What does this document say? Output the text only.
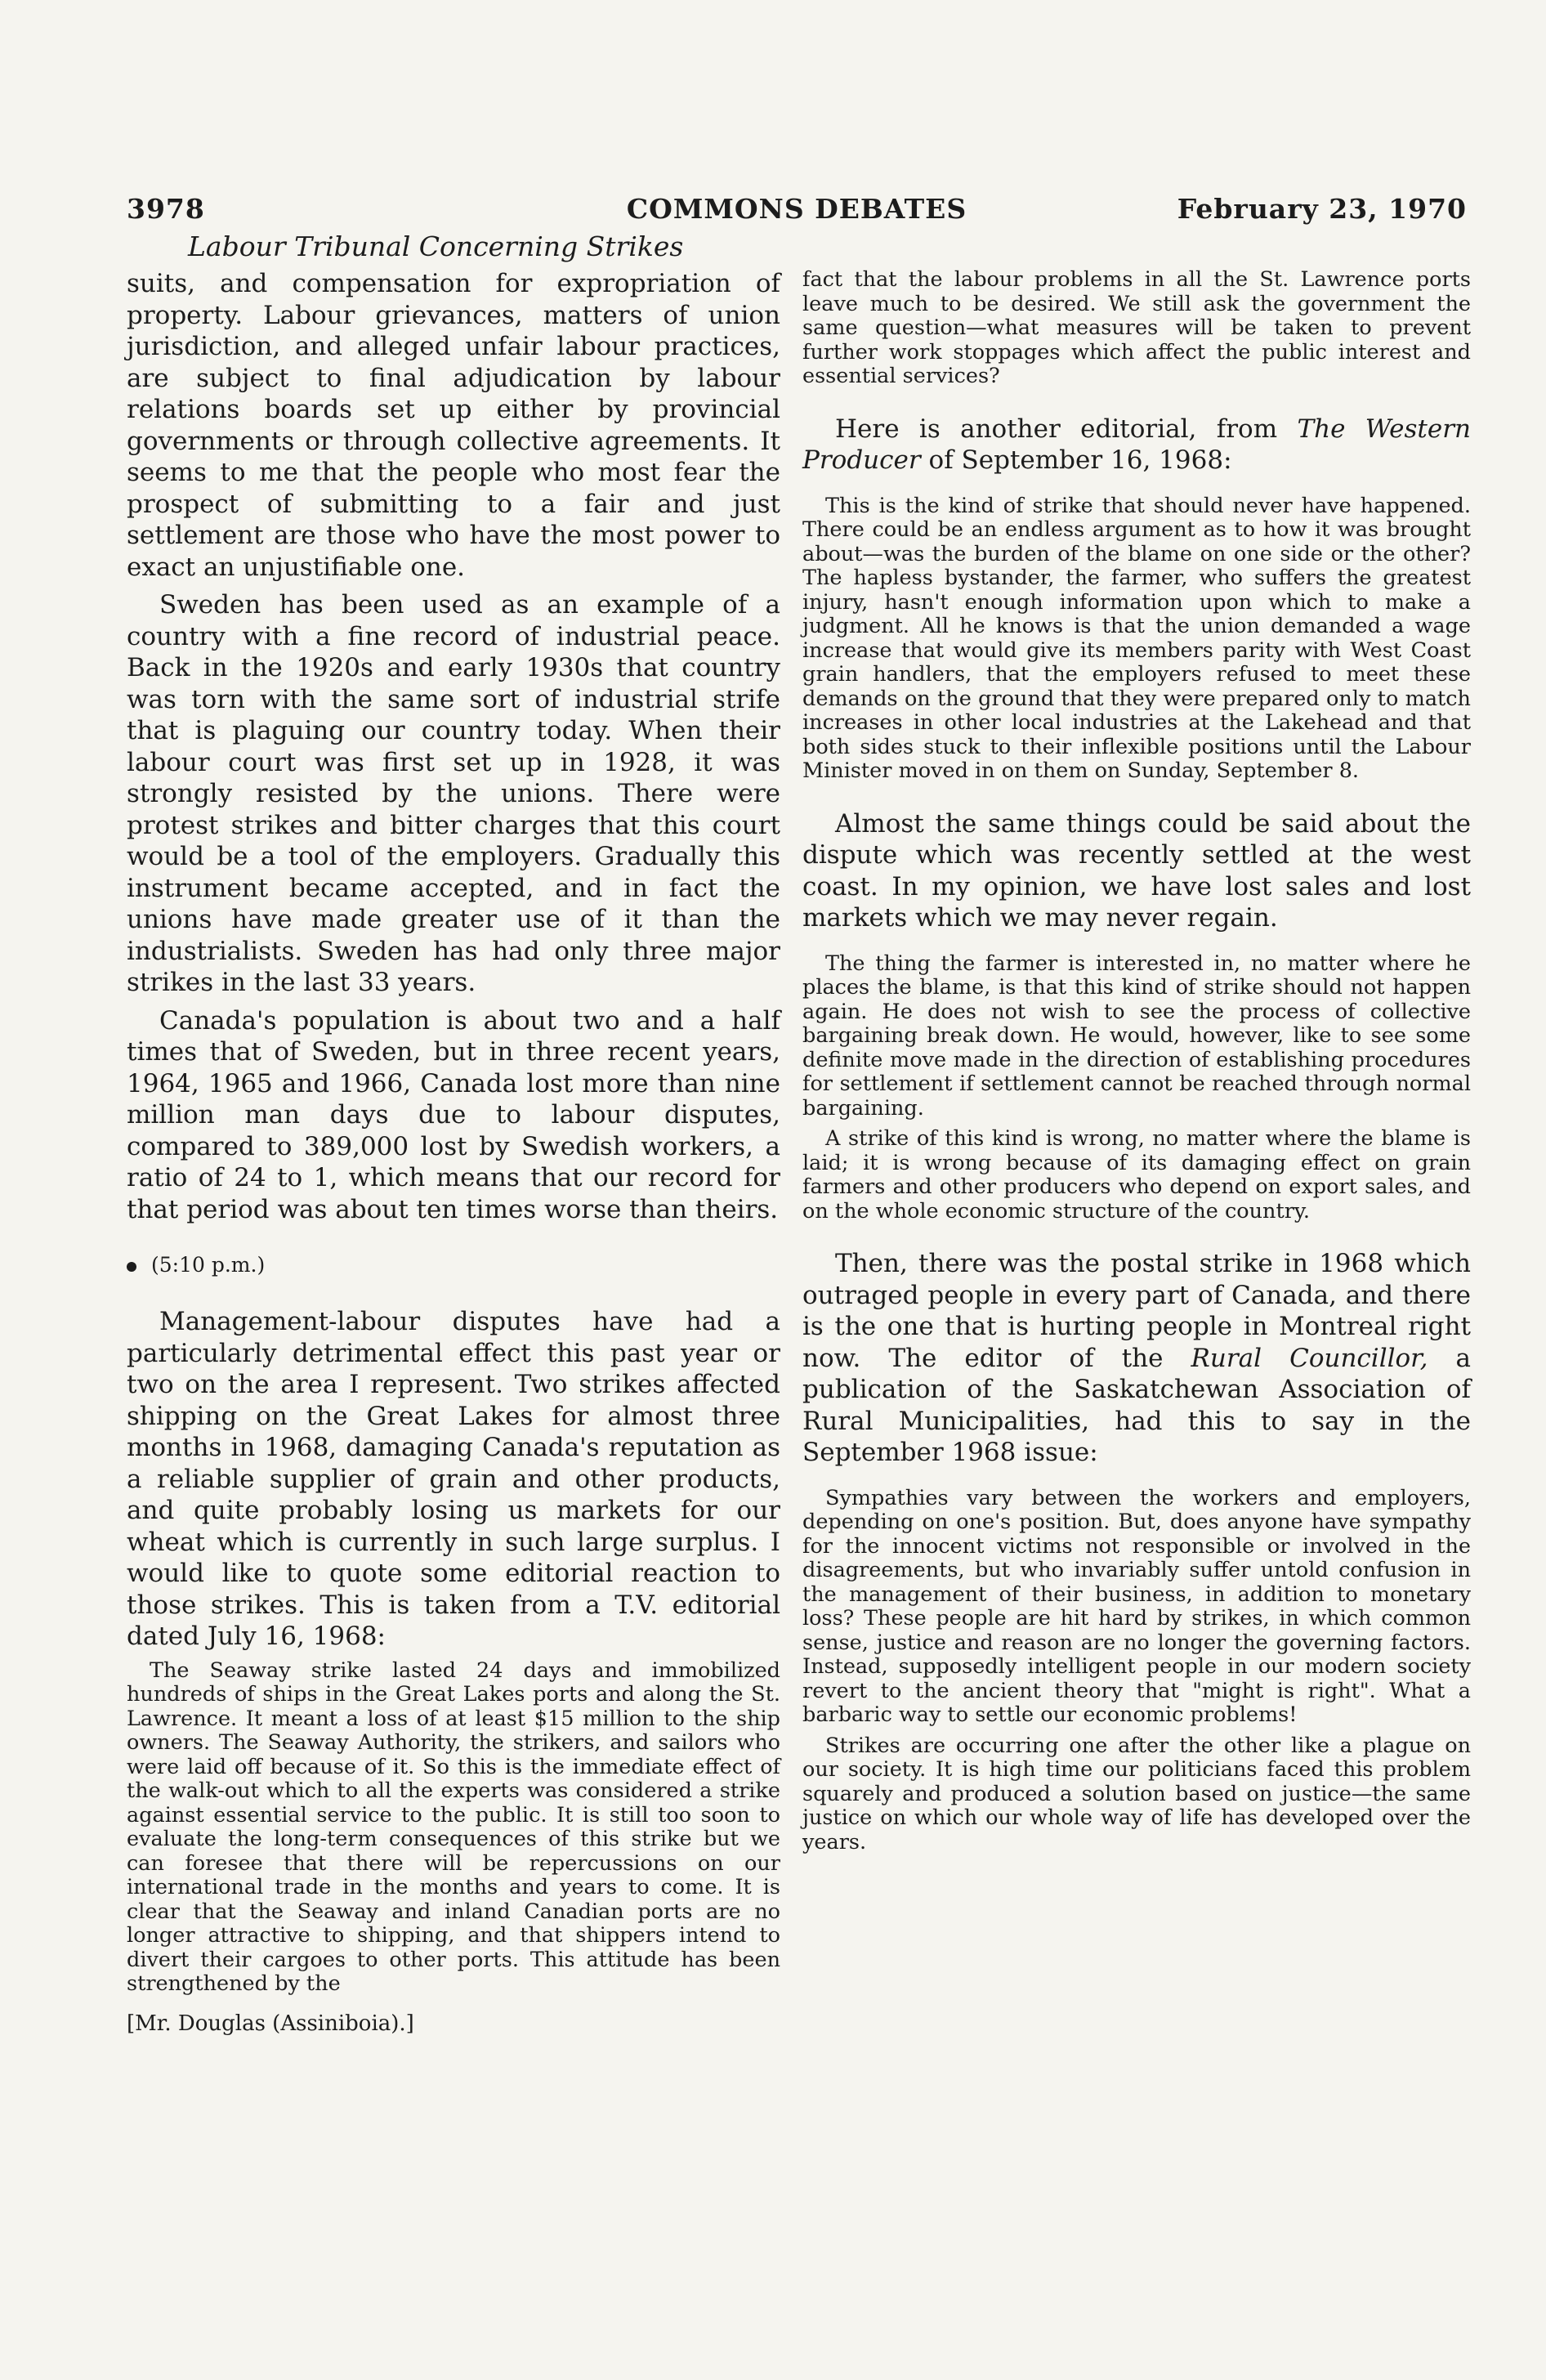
3978	COMMONS DEBATES	February 23, 1970
Labour Tribunal Concerning Strikes

suits, and compensation for expropriation of property. Labour grievances, matters of union jurisdiction, and alleged unfair labour practices, are subject to final adjudication by labour relations boards set up either by provincial governments or through collective agreements. It seems to me that the people who most fear the prospect of submitting to a fair and just settlement are those who have the most power to exact an unjustifiable one.

Sweden has been used as an example of a country with a fine record of industrial peace. Back in the 1920s and early 1930s that country was torn with the same sort of industrial strife that is plaguing our country today. When their labour court was first set up in 1928, it was strongly resisted by the unions. There were protest strikes and bitter charges that this court would be a tool of the employers. Gradually this instrument became accepted, and in fact the unions have made greater use of it than the industrialists. Sweden has had only three major strikes in the last 33 years.

Canada's population is about two and a half times that of Sweden, but in three recent years, 1964, 1965 and 1966, Canada lost more than nine million man days due to labour disputes, compared to 389,000 lost by Swedish workers, a ratio of 24 to 1, which means that our record for that period was about ten times worse than theirs.

(5:10 p.m.)

Management-labour disputes have had a particularly detrimental effect this past year or two on the area I represent. Two strikes affected shipping on the Great Lakes for almost three months in 1968, damaging Canada's reputation as a reliable supplier of grain and other products, and quite probably losing us markets for our wheat which is currently in such large surplus. I would like to quote some editorial reaction to those strikes. This is taken from a T.V. editorial dated July 16, 1968:

The Seaway strike lasted 24 days and immobilized hundreds of ships in the Great Lakes ports and along the St. Lawrence. It meant a loss of at least $15 million to the ship owners. The Seaway Authority, the strikers, and sailors who were laid off because of it. So this is the immediate effect of the walk-out which to all the experts was considered a strike against essential service to the public. It is still too soon to evaluate the long-term consequences of this strike but we can foresee that there will be repercussions on our international trade in the months and years to come. It is clear that the Seaway and inland Canadian ports are no longer attractive to shipping, and that shippers intend to divert their cargoes to other ports. This attitude has been strengthened by the

[Mr. Douglas (Assiniboia).]

fact that the labour problems in all the St. Lawrence ports leave much to be desired. We still ask the government the same question—what measures will be taken to prevent further work stoppages which affect the public interest and essential services?

Here is another editorial, from The Western Producer of September 16, 1968:

This is the kind of strike that should never have happened. There could be an endless argument as to how it was brought about—was the burden of the blame on one side or the other? The hapless bystander, the farmer, who suffers the greatest injury, hasn't enough information upon which to make a judgment. All he knows is that the union demanded a wage increase that would give its members parity with West Coast grain handlers, that the employers refused to meet these demands on the ground that they were prepared only to match increases in other local industries at the Lakehead and that both sides stuck to their inflexible positions until the Labour Minister moved in on them on Sunday, September 8.

Almost the same things could be said about the dispute which was recently settled at the west coast. In my opinion, we have lost sales and lost markets which we may never regain.

The thing the farmer is interested in, no matter where he places the blame, is that this kind of strike should not happen again. He does not wish to see the process of collective bargaining break down. He would, however, like to see some definite move made in the direction of establishing procedures for settlement if settlement cannot be reached through normal bargaining.

A strike of this kind is wrong, no matter where the blame is laid; it is wrong because of its damaging effect on grain farmers and other producers who depend on export sales, and on the whole economic structure of the country.

Then, there was the postal strike in 1968 which outraged people in every part of Canada, and there is the one that is hurting people in Montreal right now. The editor of the Rural Councillor, a publication of the Saskatchewan Association of Rural Municipalities, had this to say in the September 1968 issue:

Sympathies vary between the workers and employers, depending on one's position. But, does anyone have sympathy for the innocent victims not responsible or involved in the disagreements, but who invariably suffer untold confusion in the management of their business, in addition to monetary loss? These people are hit hard by strikes, in which common sense, justice and reason are no longer the governing factors. Instead, supposedly intelligent people in our modern society revert to the ancient theory that "might is right". What a barbaric way to settle our economic problems!

Strikes are occurring one after the other like a plague on our society. It is high time our politicians faced this problem squarely and produced a solution based on justice—the same justice on which our whole way of life has developed over the years.
